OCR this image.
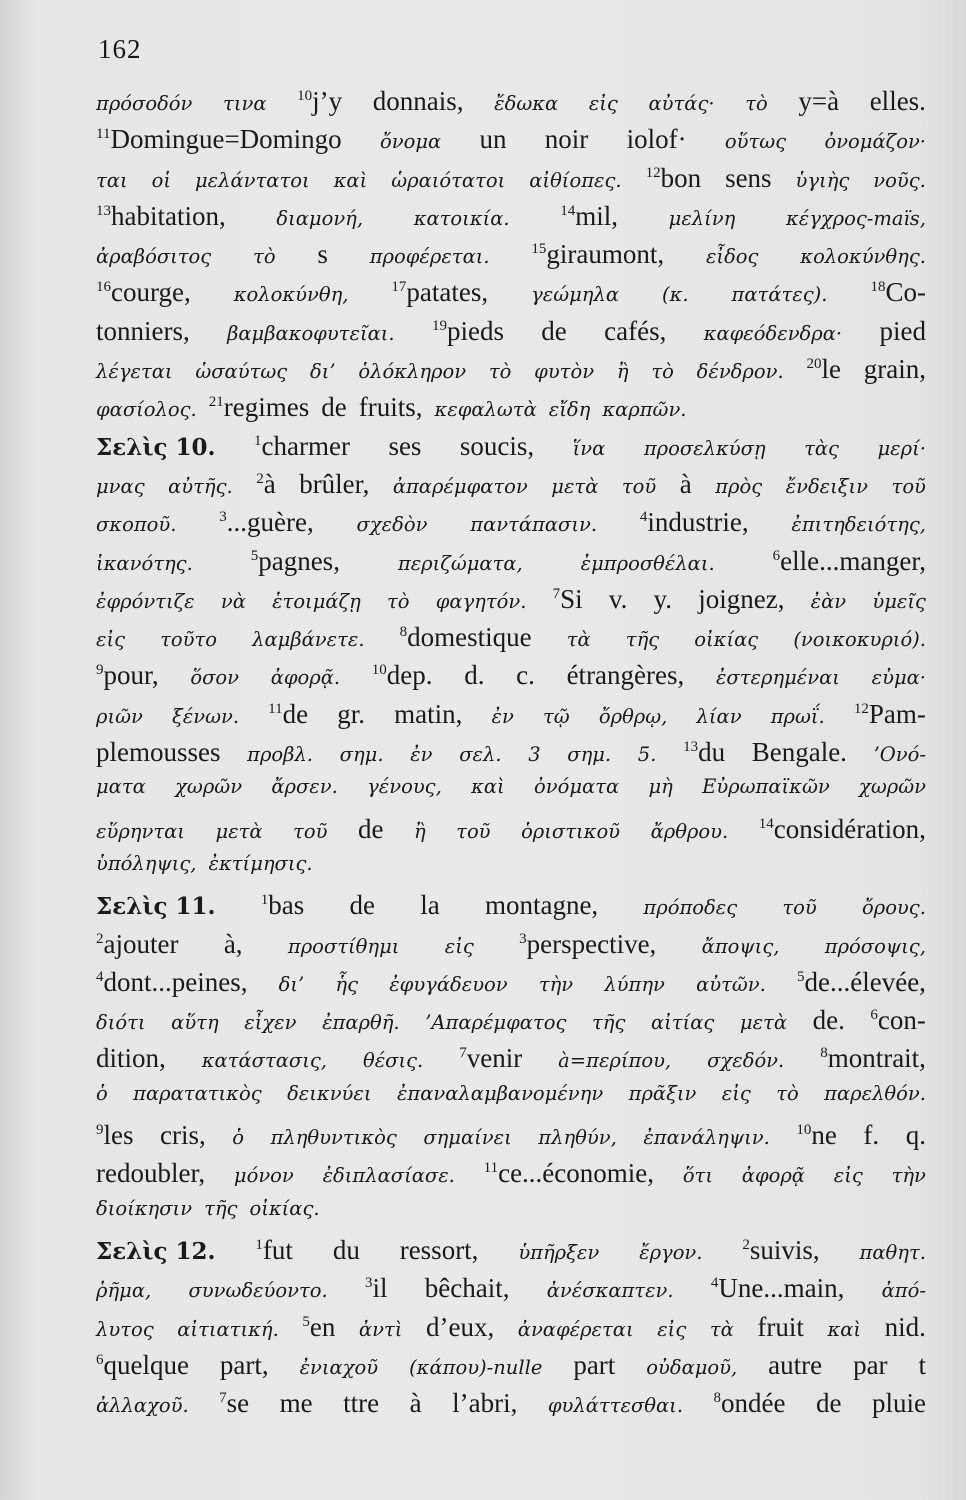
162
πρόσοδόν τινα $^{10}$j’y donnais, ἔδωκα εἰς αὐτάς· τὸ y=à elles.
$^{11}$Domingue=Domingo ὄνομα un noir iolof· οὕτως ὀνομάζον·
ται οἱ μελάντατοι καὶ ὡραιότατοι αἰθίοπες. $^{12}$bon sens ὑγιὴς νοῦς.
$^{13}$habitation,	διαμονή,	κατοικία.	$^{14}$mil,	μελίνη	κέγχρος-maïs,
ἀραβόσιτος τὸ s προφέρεται.	$^{15}$giraumont, εἶδος κολοκύνθης.
$^{16}$courge, κολοκύνθη,	$^{17}$patates, γεώμηλα (κ. πατάτες).	$^{18}$Co-
tonniers, βαμβακοφυτεῖαι. $^{19}$pieds de cafés, καφεόδενδρα· pied
λέγεται ὡσαύτως δι’ ὁλόκληρον τὸ φυτὸν ἢ τὸ δένδρον. $^{20}$le grain,
φασίολος. $^{21}$regimes de fruits, κεφαλωτὰ εἴδη καρπῶν.
Σελὶς 10.	$^1$charmer ses soucis, ἵνα προσελκύσῃ τὰς μερί·
μνας αὐτῆς. $^2$à brûler, ἀπαρέμφατον μετὰ τοῦ à πρὸς ἔνδειξιν τοῦ
σκοποῦ.	$^3$...guère, σχεδὸν παντάπασιν.	$^4$industrie, ἐπιτηδειότης,
ἱκανότης.	$^5$pagnes,	περιζώματα,	ἐμπροσθέλαι.	$^6$elle...manger,
ἐφρόντιζε νὰ ἑτοιμάζῃ τὸ φαγητόν. $^7$Si v. y. joignez, ἐὰν ὑμεῖς
εἰς τοῦτο λαμβάνετε. $^8$domestique τὰ τῆς οἰκίας (νοικοκυριό).
$^9$pour, ὅσον ἀφορᾷ. $^{10}$dep. d. c. étrangères, ἐστερημέναι εὐμα·
ριῶν ξένων. $^{11}$de gr. matin, ἐν τῷ ὄρθρῳ, λίαν πρωΐ. $^{12}$Pam-
plemousses προβλ. σημ. ἐν σελ. 3 σημ. 5. $^{13}$du Bengale. ’Ονό-
ματα χωρῶν ἄρσεν. γένους, καὶ ὀνόματα μὴ Εὐρωπαϊκῶν χωρῶν
εὕρηνται μετὰ τοῦ de ἢ τοῦ ὁριστικοῦ ἄρθρου. $^{14}$considération,
ὑπόληψις, ἐκτίμησις.
Σελὶς 11.	$^1$bas de la montagne, πρόποδες τοῦ ὄρους.
$^2$ajouter à, προστίθημι εἰς	$^3$perspective, ἄποψις, πρόσοψις,
$^4$dont...peines, δι’ ἧς ἐφυγάδευον τὴν λύπην αὐτῶν. $^5$de...élevée,
διότι αὕτη εἶχεν ἐπαρθῆ. ’Απαρέμφατος τῆς αἰτίας μετὰ de. $^6$con-
dition, κατάστασις, θέσις. $^7$venir à=περίπου, σχεδόν. $^8$montrait,
ὁ παρατατικὸς δεικνύει ἐπαναλαμβανομένην πρᾶξιν εἰς τὸ παρελθόν.
$^9$les cris, ὁ πληθυντικὸς σημαίνει πληθύν, ἐπανάληψιν. $^{10}$ne f. q.
redoubler, μόνον ἐδιπλασίασε. $^{11}$ce...économie, ὅτι ἀφορᾷ εἰς τὴν
διοίκησιν τῆς οἰκίας.
Σελὶς 12.	$^1$fut du ressort, ὑπῆρξεν ἔργον.	$^2$suivis, παθητ.
ῥῆμα, συνωδεύοντο. $^3$il bêchait, ἀνέσκαπτεν. $^4$Une...main, ἀπό-
λυτος αἰτιατική. $^5$en ἀντὶ d’eux, ἀναφέρεται εἰς τὰ fruit καὶ nid.
$^6$quelque part, ἐνιαχοῦ (κάπου)-nulle part οὐδαμοῦ, autre par t
ἀλλαχοῦ. $^7$se me ttre à l’abri, φυλάττεσθαι. $^8$ondée de pluie
